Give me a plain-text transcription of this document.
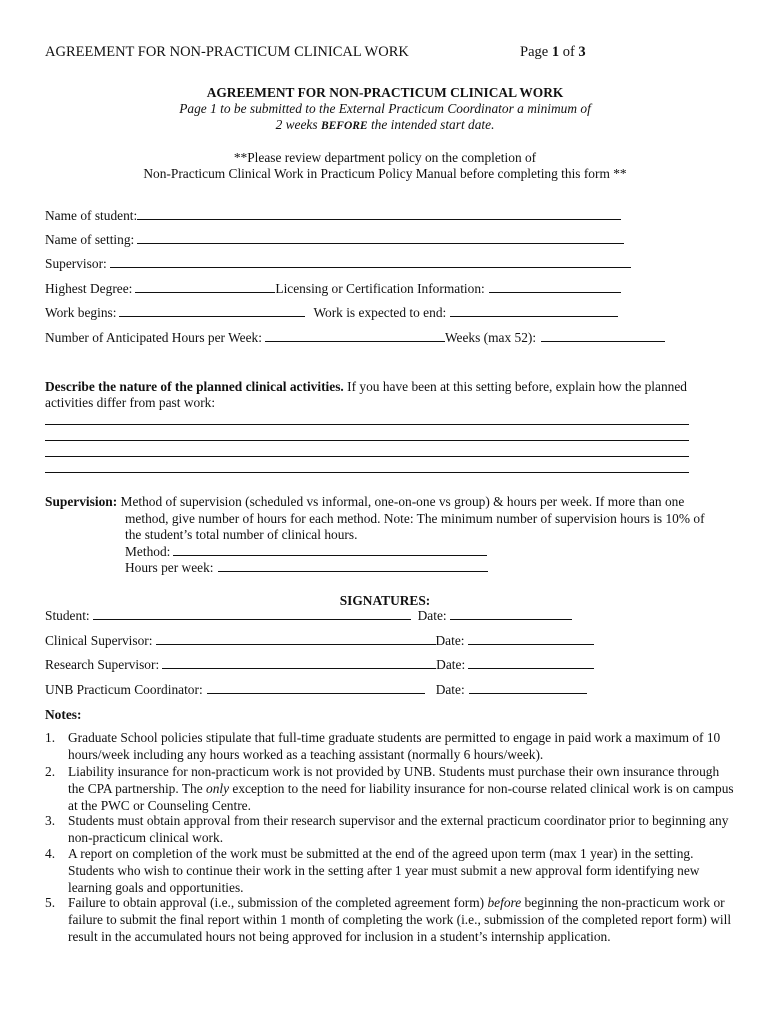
AGREEMENT FOR NON-PRACTICUM CLINICAL WORK	Page 1 of 3
AGREEMENT FOR NON-PRACTICUM CLINICAL WORK
Page 1 to be submitted to the External Practicum Coordinator a minimum of
2 weeks BEFORE the intended start date.
**Please review department policy on the completion of
Non-Practicum Clinical Work in Practicum Policy Manual before completing this form **
Name of student:
Name of setting:
Supervisor:
Highest Degree:	Licensing or Certification Information:
Work begins:	Work is expected to end:
Number of Anticipated Hours per Week:	Weeks (max 52):
Describe the nature of the planned clinical activities. If you have been at this setting before, explain how the planned
activities differ from past work:
Supervision: Method of supervision (scheduled vs informal, one-on-one vs group) & hours per week. If more than one
method, give number of hours for each method. Note: The minimum number of supervision hours is 10% of
the student’s total number of clinical hours.
Method:
Hours per week:
SIGNATURES:
Student:	Date:
Clinical Supervisor:	Date:
Research Supervisor:	Date:
UNB Practicum Coordinator:	Date:
Notes:
1. Graduate School policies stipulate that full-time graduate students are permitted to engage in paid work a maximum of 10 hours/week including any hours worked as a teaching assistant (normally 6 hours/week).
2. Liability insurance for non-practicum work is not provided by UNB. Students must purchase their own insurance through the CPA partnership. The only exception to the need for liability insurance for non-course related clinical work is on campus at the PWC or Counseling Centre.
3. Students must obtain approval from their research supervisor and the external practicum coordinator prior to beginning any non-practicum clinical work.
4. A report on completion of the work must be submitted at the end of the agreed upon term (max 1 year) in the setting. Students who wish to continue their work in the setting after 1 year must submit a new approval form identifying new learning goals and opportunities.
5. Failure to obtain approval (i.e., submission of the completed agreement form) before beginning the non-practicum work or failure to submit the final report within 1 month of completing the work (i.e., submission of the completed report form) will result in the accumulated hours not being approved for inclusion in a student’s internship application.
